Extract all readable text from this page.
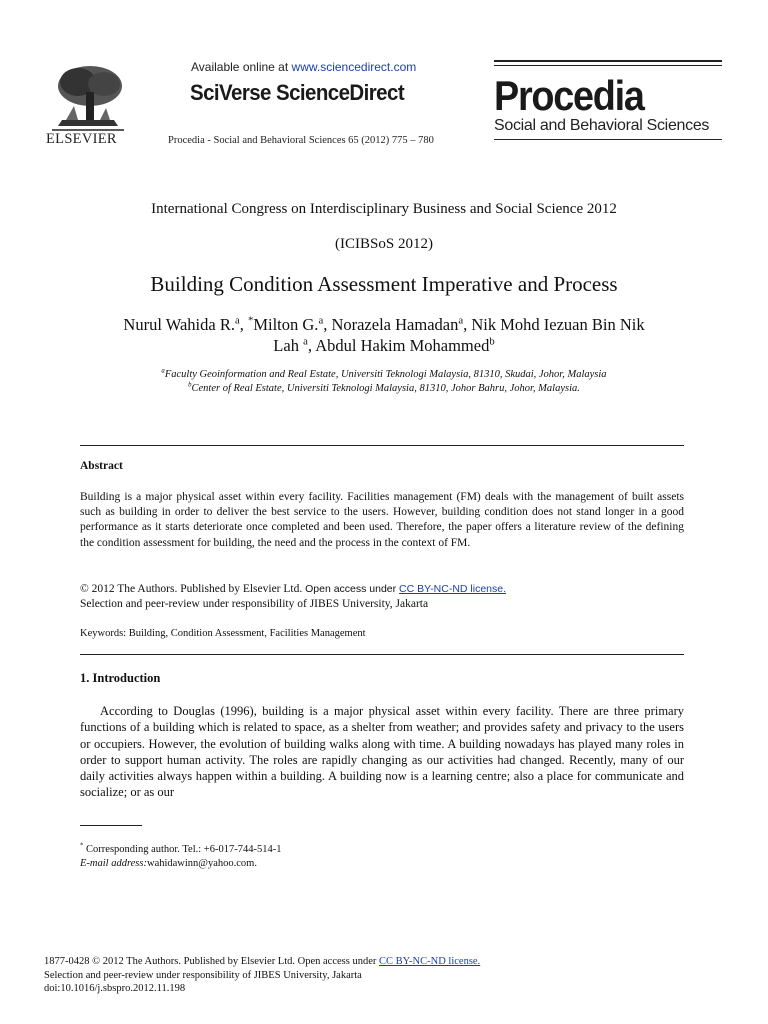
ELSEVIER
Available online at www.sciencedirect.com
SciVerse ScienceDirect
Procedia - Social and Behavioral Sciences 65 (2012) 775 – 780
Procedia
Social and Behavioral Sciences
International Congress on Interdisciplinary Business and Social Science 2012
(ICIBSoS 2012)
Building Condition Assessment Imperative and Process
Nurul Wahida R.$^a$, *Milton G.$^a$, Norazela Hamadan$^a$, Nik Mohd Iezuan Bin Nik
Lah $^a$, Abdul Hakim Mohammed$^b$
$^a$Faculty Geoinformation and Real Estate, Universiti Teknologi Malaysia, 81310, Skudai, Johor, Malaysia
$^b$Center of Real Estate, Universiti Teknologi Malaysia, 81310, Johor Bahru, Johor, Malaysia.
Abstract
Building is a major physical asset within every facility. Facilities management (FM) deals with the management of built assets such as building in order to deliver the best service to the users. However, building condition does not stand longer in a good performance as it starts deteriorate once completed and been used. Therefore, the paper offers a literature review of the defining the condition assessment for building, the need and the process in the context of FM.
© 2012 The Authors. Published by Elsevier Ltd. Open access under CC BY-NC-ND license.
Selection and peer-review under responsibility of JIBES University, Jakarta
Keywords: Building, Condition Assessment, Facilities Management
1. Introduction
According to Douglas (1996), building is a major physical asset within every facility. There are three primary functions of a building which is related to space, as a shelter from weather; and provides safety and privacy to the users or occupiers. However, the evolution of building walks along with time. A building nowadays has played many roles in order to support human activity. The roles are rapidly changing as our activities had changed. Recently, many of our daily activities always happen within a building. A building now is a learning centre; also a place for communicate and socialize; or as our
* Corresponding author. Tel.: +6-017-744-514-1
E-mail address:wahidawinn@yahoo.com.
1877-0428 © 2012 The Authors. Published by Elsevier Ltd. Open access under CC BY-NC-ND license.
Selection and peer-review under responsibility of JIBES University, Jakarta
doi:10.1016/j.sbspro.2012.11.198
